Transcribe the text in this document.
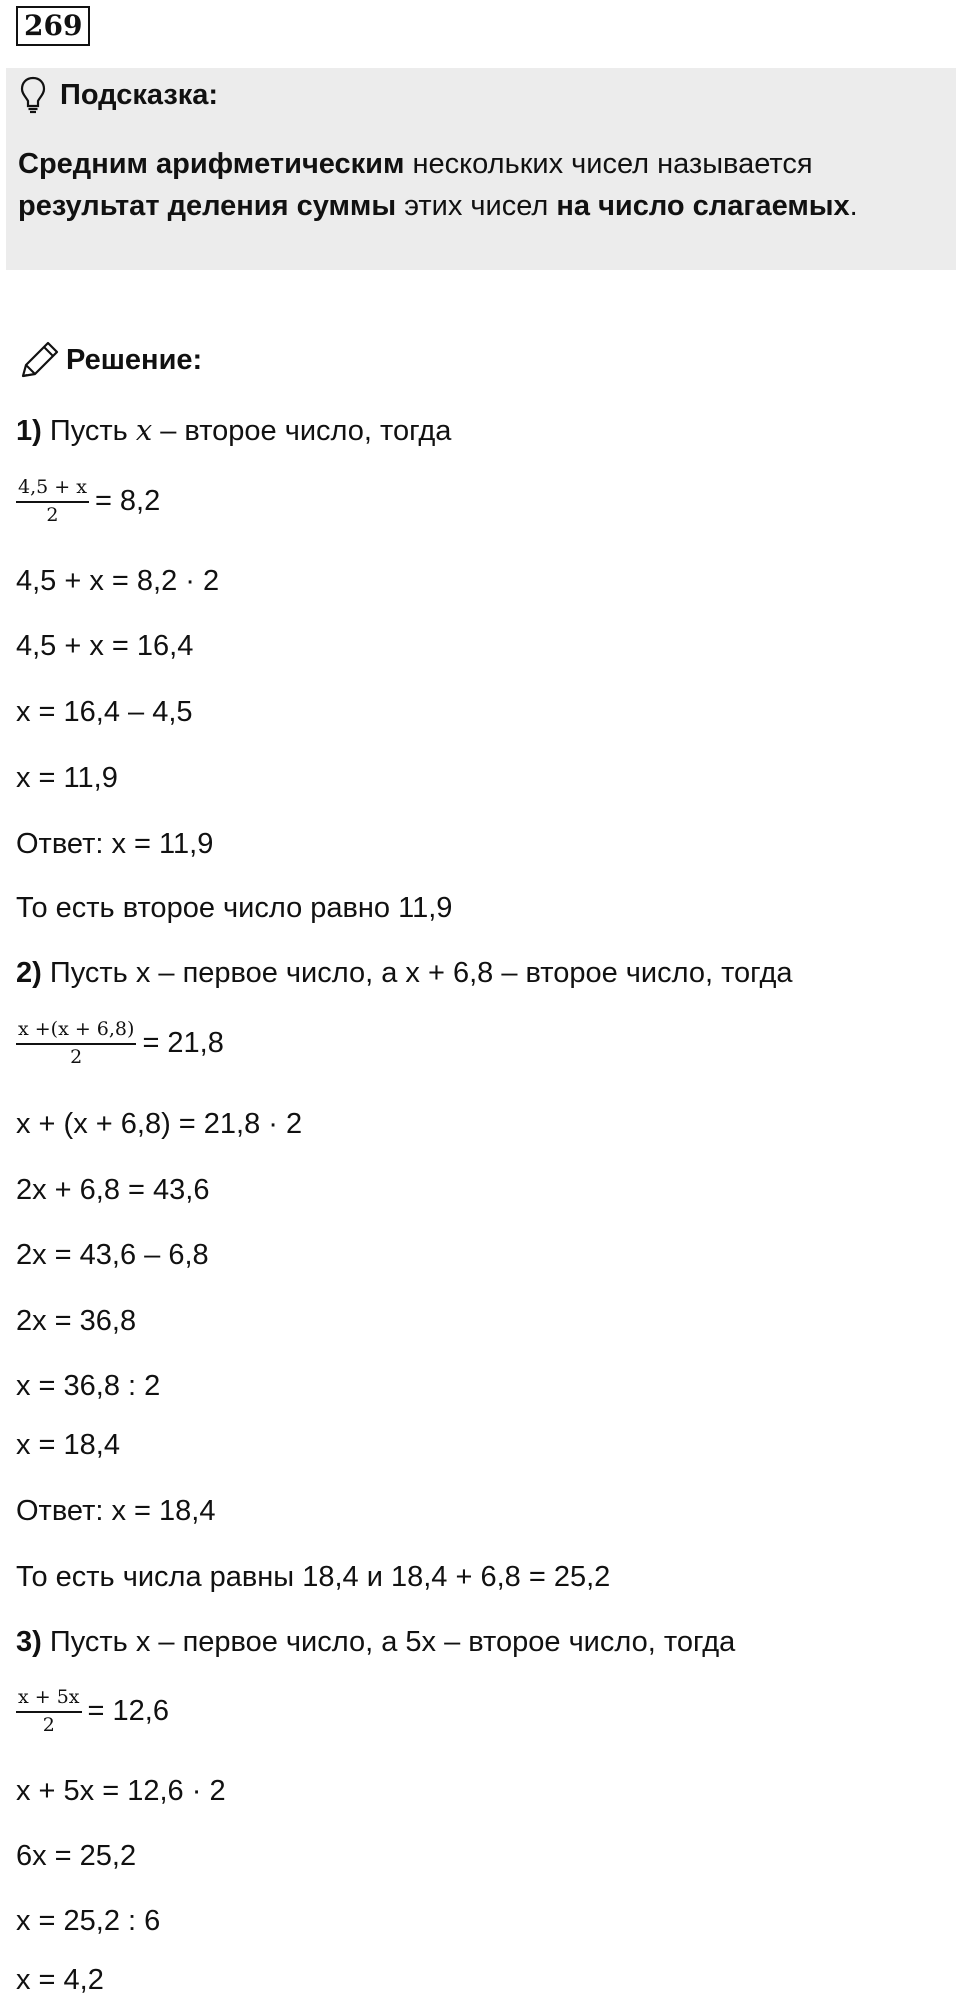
269
Подсказка:
Средним арифметическим нескольких чисел называется
результат деления суммы этих чисел на число слагаемых.
Решение:
1) Пусть x – второе число, тогда
$\frac{4,5 + x}{2} = 8,2$
4,5 + x = 8,2 · 2
4,5 + x = 16,4
x = 16,4 – 4,5
x = 11,9
Ответ: x = 11,9
То есть второе число равно 11,9
2) Пусть x – первое число, а x + 6,8 – второе число, тогда
$\frac{x +(x + 6,8)}{2} = 21,8$
x + (x + 6,8) = 21,8 · 2
2x + 6,8 = 43,6
2x = 43,6 – 6,8
2x = 36,8
x = 36,8 : 2
x = 18,4
Ответ: x = 18,4
То есть числа равны 18,4 и 18,4 + 6,8 = 25,2
3) Пусть x – первое число, а 5x – второе число, тогда
$\frac{x + 5x}{2} = 12,6$
x + 5x = 12,6 · 2
6x = 25,2
x = 25,2 : 6
x = 4,2
